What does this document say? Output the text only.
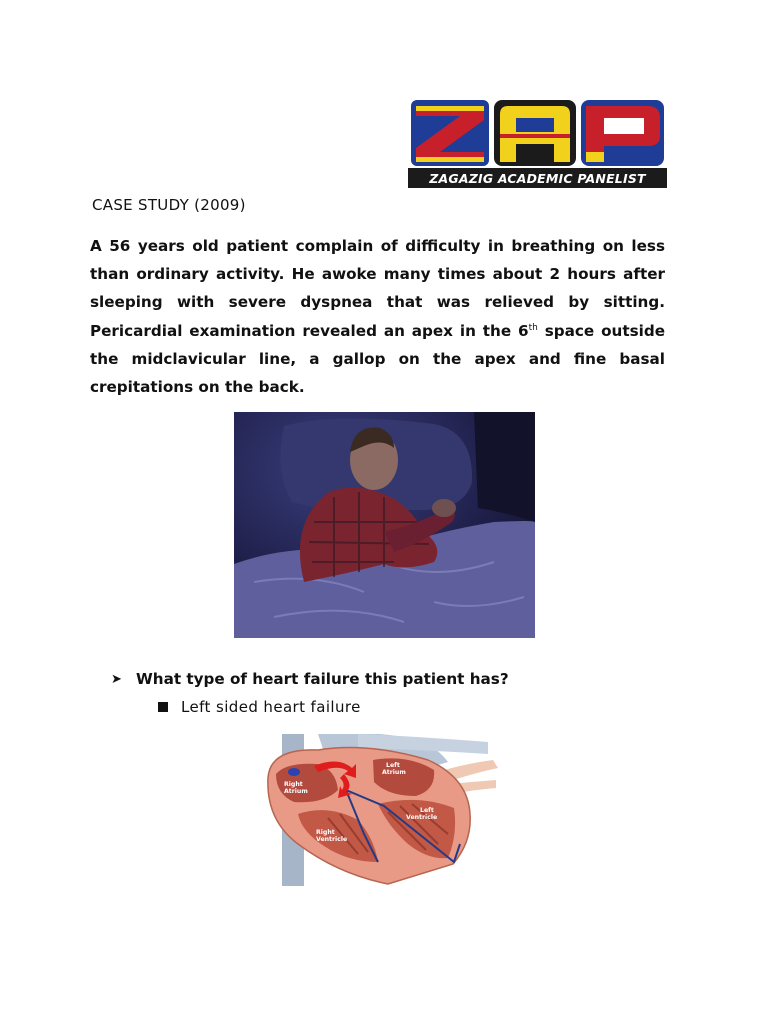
ZAGAZIG ACADEMIC PANELIST
CASE STUDY (2009)
A 56 years old patient complain of difficulty in breathing on less than ordinary activity. He awoke many times about 2 hours after sleeping with severe dyspnea that was relieved by sitting. Pericardial examination revealed an apex in the 6th space outside the midclavicular line, a gallop on the apex and fine basal crepitations on the back.
➤ What type of heart failure this patient has?
Left sided heart failure
Right
Atrium
Left
Atrium
Left
Ventricle
Right
Ventricle
